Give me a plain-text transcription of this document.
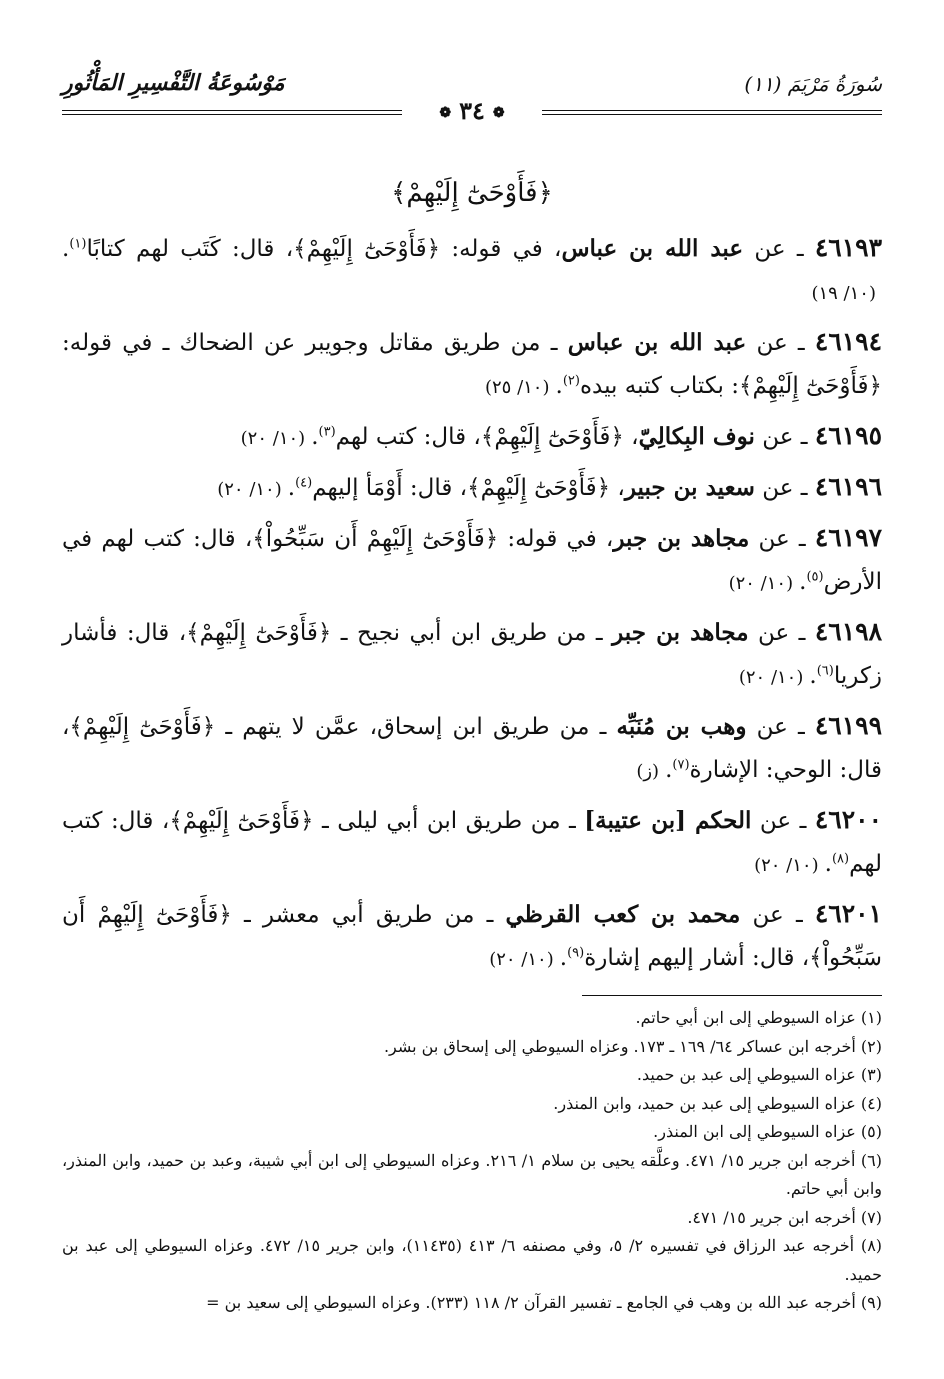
سُورَةُ مَرْيَمَ (١١)
مَوْسُوعَةُ التَّفْسِيرِ المَأْثُورِ
❁٣٤❁
﴿فَأَوْحَىٰٓ إِلَيْهِمْ﴾

٤٦١٩٣ ـ عن عبد الله بن عباس، في قوله: ﴿فَأَوْحَىٰٓ إِلَيْهِمْ﴾، قال: كَتَب لهم كتابًا$^{(١)}$.(١٠/ ١٩)

٤٦١٩٤ ـ عن عبد الله بن عباس ـ من طريق مقاتل وجويبر عن الضحاك ـ في قوله: ﴿فَأَوْحَىٰٓ إِلَيْهِمْ﴾: بكتاب كتبه بيده$^{(٢)}$.(١٠/ ٢٥)

٤٦١٩٥ ـ عن نوف البِكالِيّ، ﴿فَأَوْحَىٰٓ إِلَيْهِمْ﴾، قال: كتب لهم$^{(٣)}$.(١٠/ ٢٠)

٤٦١٩٦ ـ عن سعيد بن جبير، ﴿فَأَوْحَىٰٓ إِلَيْهِمْ﴾، قال: أَوْمَأ إليهم$^{(٤)}$.(١٠/ ٢٠)

٤٦١٩٧ ـ عن مجاهد بن جبر، في قوله: ﴿فَأَوْحَىٰٓ إِلَيْهِمْ أَن سَبِّحُواْ﴾، قال: كتب لهم في الأرض$^{(٥)}$.(١٠/ ٢٠)

٤٦١٩٨ ـ عن مجاهد بن جبر ـ من طريق ابن أبي نجيح ـ ﴿فَأَوْحَىٰٓ إِلَيْهِمْ﴾، قال: فأشار زكريا$^{(٦)}$.(١٠/ ٢٠)

٤٦١٩٩ ـ عن وهب بن مُنَبِّه ـ من طريق ابن إسحاق، عمَّن لا يتهم ـ ﴿فَأَوْحَىٰٓ إِلَيْهِمْ﴾، قال: الوحي: الإشارة$^{(٧)}$.(ز)

٤٦٢٠٠ ـ عن الحكم [بن عتيبة] ـ من طريق ابن أبي ليلى ـ ﴿فَأَوْحَىٰٓ إِلَيْهِمْ﴾، قال: كتب لهم$^{(٨)}$.(١٠/ ٢٠)

٤٦٢٠١ ـ عن محمد بن كعب القرظي ـ من طريق أبي معشر ـ ﴿فَأَوْحَىٰٓ إِلَيْهِمْ أَن سَبِّحُواْ﴾، قال: أشار إليهم إشارة$^{(٩)}$.(١٠/ ٢٠)

(١) عزاه السيوطي إلى ابن أبي حاتم.

(٢) أخرجه ابن عساكر ٦٤/ ١٦٩ ـ ١٧٣. وعزاه السيوطي إلى إسحاق بن بشر.

(٣) عزاه السيوطي إلى عبد بن حميد.

(٤) عزاه السيوطي إلى عبد بن حميد، وابن المنذر.

(٥) عزاه السيوطي إلى ابن المنذر.

(٦) أخرجه ابن جرير ١٥/ ٤٧١. وعلَّقه يحيى بن سلام ١/ ٢١٦. وعزاه السيوطي إلى ابن أبي شيبة، وعبد بن حميد، وابن المنذر، وابن أبي حاتم.

(٧) أخرجه ابن جرير ١٥/ ٤٧١.

(٨) أخرجه عبد الرزاق في تفسيره ٢/ ٥، وفي مصنفه ٦/ ٤١٣ (١١٤٣٥)، وابن جرير ١٥/ ٤٧٢. وعزاه السيوطي إلى عبد بن حميد.

(٩) أخرجه عبد الله بن وهب في الجامع ـ تفسير القرآن ٢/ ١١٨ (٢٣٣). وعزاه السيوطي إلى سعيد بن =
